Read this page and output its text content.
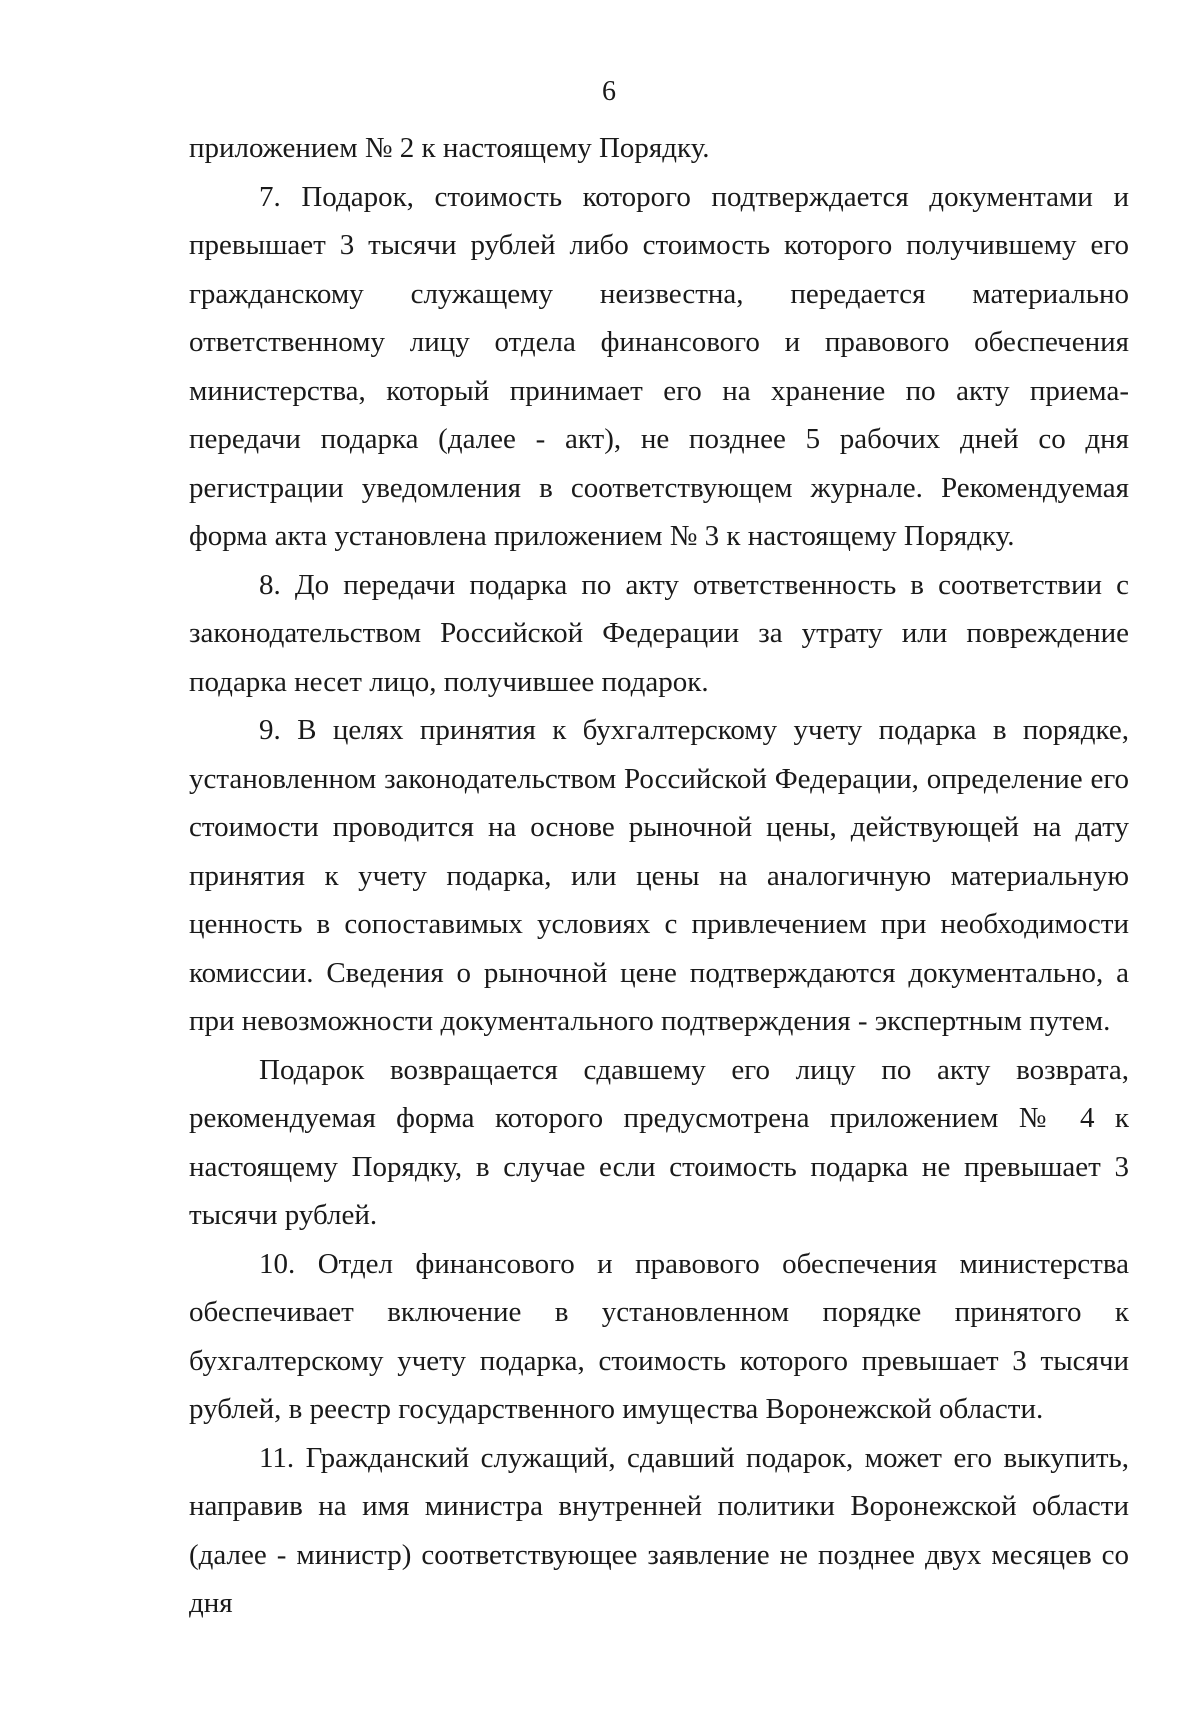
6

приложением № 2 к настоящему Порядку.

7. Подарок, стоимость которого подтверждается документами и превышает 3 тысячи рублей либо стоимость которого получившему его гражданскому служащему неизвестна, передается материально ответственному лицу отдела финансового и правового обеспечения министерства, который принимает его на хранение по акту приема-передачи подарка (далее - акт), не позднее 5 рабочих дней со дня регистрации уведомления в соответствующем журнале. Рекомендуемая форма акта установлена приложением № 3 к настоящему Порядку.

8. До передачи подарка по акту ответственность в соответствии с законодательством Российской Федерации за утрату или повреждение подарка несет лицо, получившее подарок.

9. В целях принятия к бухгалтерскому учету подарка в порядке, установленном законодательством Российской Федерации, определение его стоимости проводится на основе рыночной цены, действующей на дату принятия к учету подарка, или цены на аналогичную материальную ценность в сопоставимых условиях с привлечением при необходимости комиссии. Сведения о рыночной цене подтверждаются документально, а при невозможности документального подтверждения - экспертным путем.

Подарок возвращается сдавшему его лицу по акту возврата, рекомендуемая форма которого предусмотрена приложением № 4 к настоящему Порядку, в случае если стоимость подарка не превышает 3 тысячи рублей.

10. Отдел финансового и правового обеспечения министерства обеспечивает включение в установленном порядке принятого к бухгалтерскому учету подарка, стоимость которого превышает 3 тысячи рублей, в реестр государственного имущества Воронежской области.

11. Гражданский служащий, сдавший подарок, может его выкупить, направив на имя министра внутренней политики Воронежской области (далее - министр) соответствующее заявление не позднее двух месяцев со дня
